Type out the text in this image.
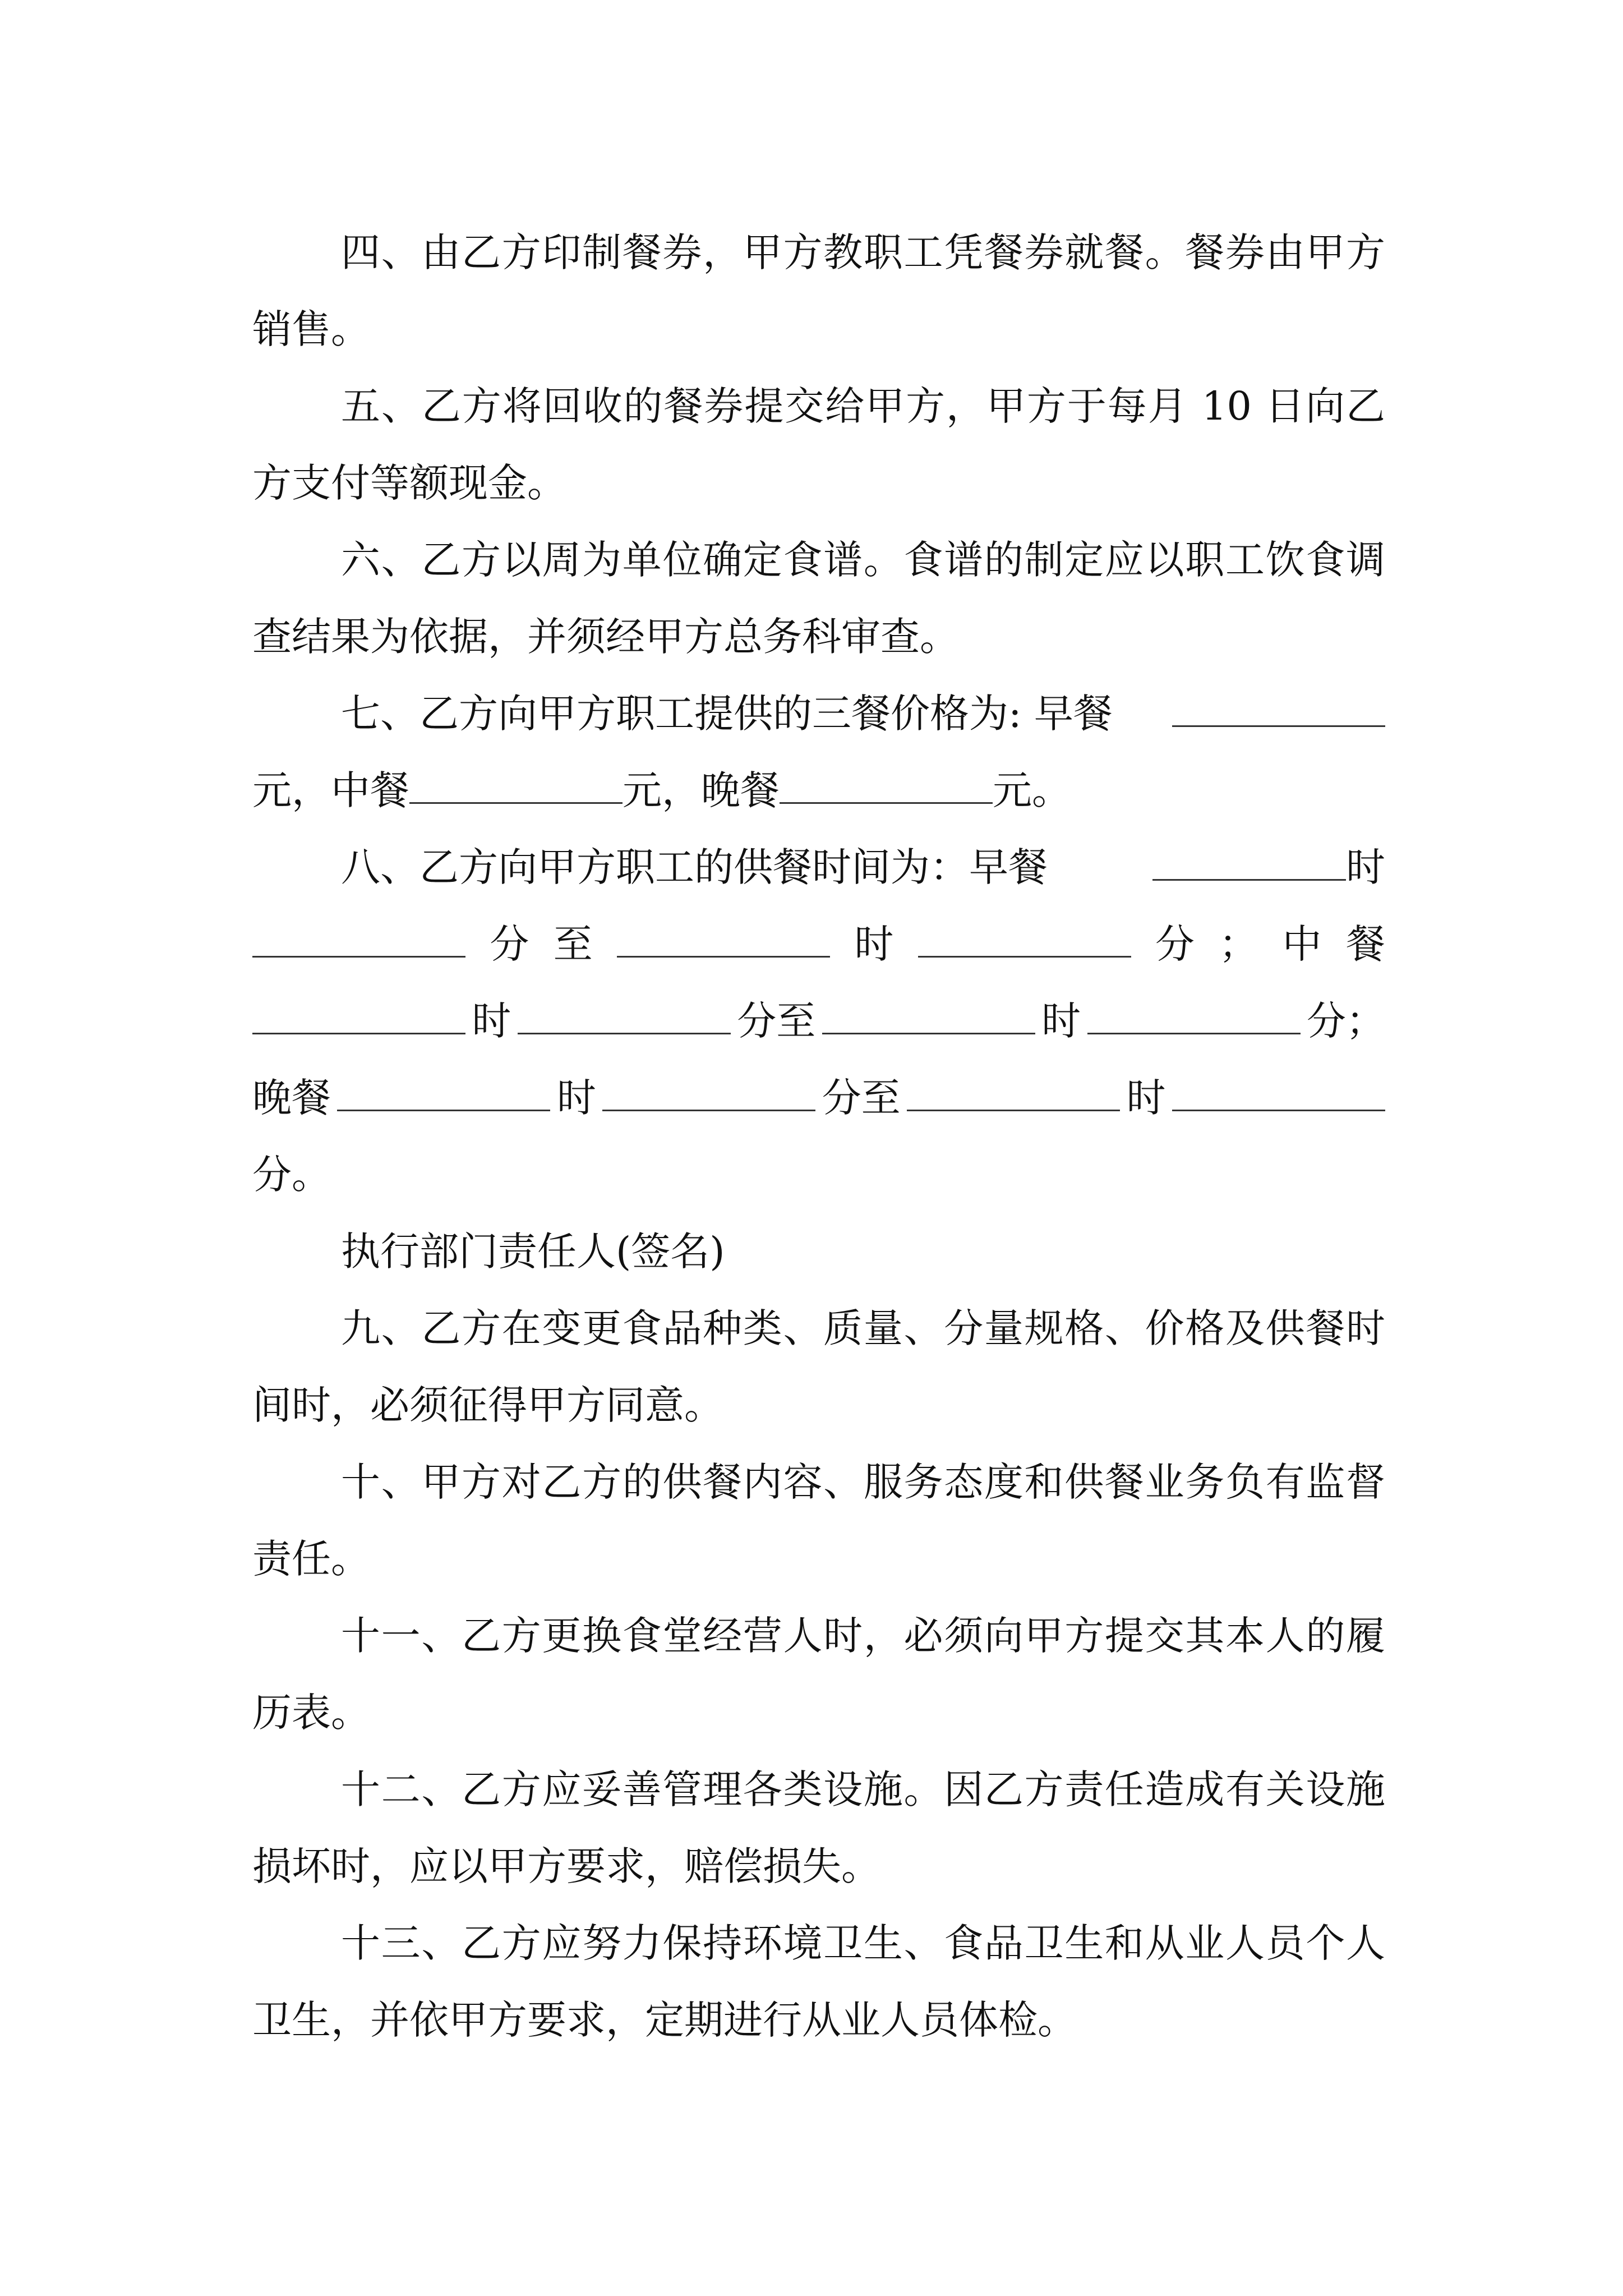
四、由乙方印制餐券，甲方教职工凭餐券就餐。餐券由甲方销售。

五、乙方将回收的餐券提交给甲方，甲方于每月 10 日向乙方支付等额现金。

六、乙方以周为单位确定食谱。食谱的制定应以职工饮食调查结果为依据，并须经甲方总务科审查。

七、乙方向甲方职工提供的三餐价格为: 早餐
元，中餐	元，晚餐	元。
八、乙方向甲方职工的供餐时间为：早餐	时
分 至	时	分 ； 中 餐
时	分至	时	分；
晚餐	时	分至	时
分。
执行部门责任人(签名)

九、乙方在变更食品种类、质量、分量规格、价格及供餐时间时，必须征得甲方同意。

十、甲方对乙方的供餐内容、服务态度和供餐业务负有监督责任。

十一、乙方更换食堂经营人时，必须向甲方提交其本人的履历表。

十二、乙方应妥善管理各类设施。因乙方责任造成有关设施损坏时，应以甲方要求，赔偿损失。

十三、乙方应努力保持环境卫生、食品卫生和从业人员个人卫生，并依甲方要求，定期进行从业人员体检。
